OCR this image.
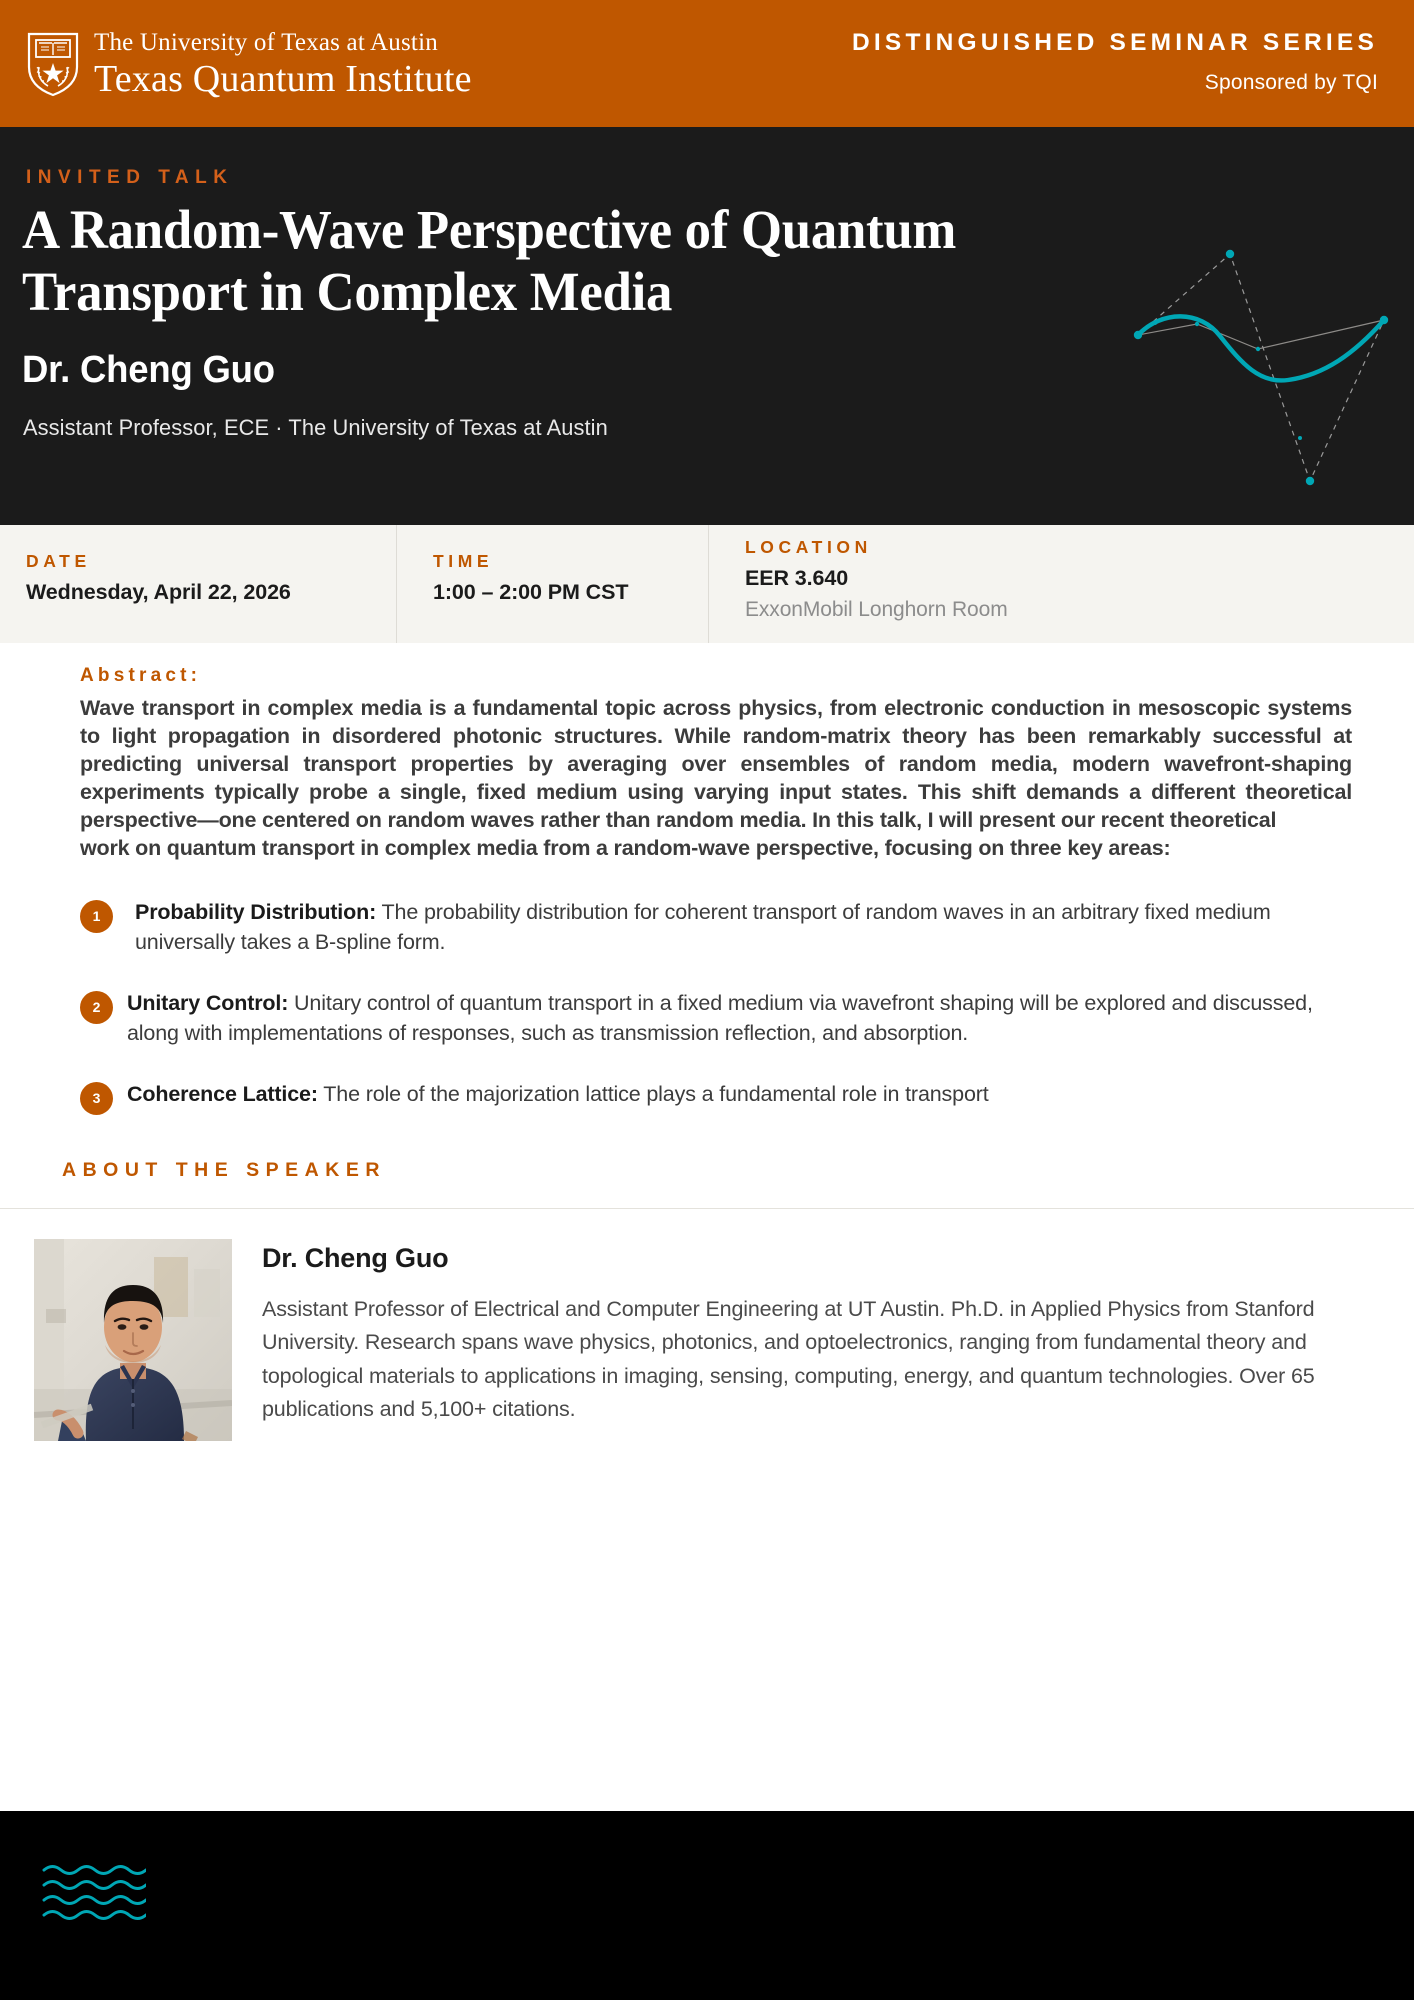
The University of Texas at Austin
Texas Quantum Institute
DISTINGUISHED SEMINAR SERIES
Sponsored by TQI
INVITED TALK
A Random-Wave Perspective of Quantum Transport in Complex Media
Dr. Cheng Guo
Assistant Professor, ECE · The University of Texas at Austin
DATE
Wednesday, April 22, 2026
TIME
1:00 – 2:00 PM CST
LOCATION
EER 3.640
ExxonMobil Longhorn Room
Abstract:
Wave transport in complex media is a fundamental topic across physics, from electronic conduction in mesoscopic systems to light propagation in disordered photonic structures. While random-matrix theory has been remarkably successful at predicting universal transport properties by averaging over ensembles of random media, modern wavefront-shaping experiments typically probe a single, fixed medium using varying input states. This shift demands a different theoretical perspective—one centered on random waves rather than random media. In this talk, I will present our recent theoretical
work on quantum transport in complex media from a random-wave perspective, focusing on three key areas:
1	Probability Distribution: The probability distribution for coherent transport of random waves in an arbitrary fixed medium universally takes a B-spline form.
2	Unitary Control: Unitary control of quantum transport in a fixed medium via wavefront shaping will be explored and discussed, along with implementations of responses, such as transmission reflection, and absorption.
3	Coherence Lattice: The role of the majorization lattice plays a fundamental role in transport
ABOUT THE SPEAKER
Dr. Cheng Guo
Assistant Professor of Electrical and Computer Engineering at UT Austin. Ph.D. in Applied Physics from Stanford University. Research spans wave physics, photonics, and optoelectronics, ranging from fundamental theory and topological materials to applications in imaging, sensing, computing, energy, and quantum technologies. Over 65 publications and 5,100+ citations.
